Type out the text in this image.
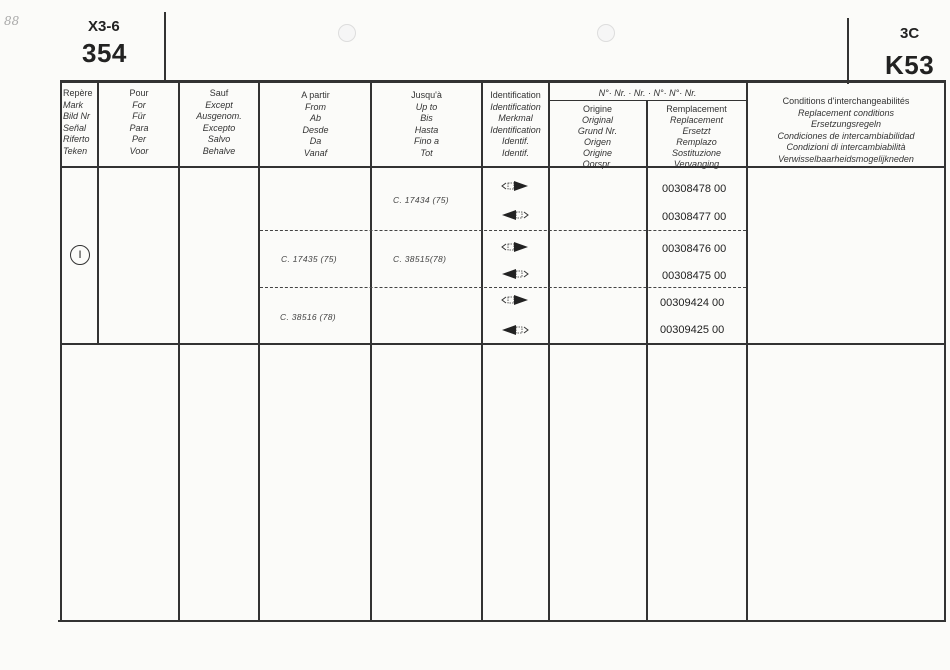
88	X3-6
354
3C
K53
Repère
Mark
Bild Nr
Señal
Riferto
Teken
Pour
For
Für
Para
Per
Voor
Sauf
Except
Ausgenom.
Excepto
Salvo
Behalve
A partir
From
Ab
Desde
Da
Vanaf
Jusqu'à
Up to
Bis
Hasta
Fino a
Tot
Identification
Identification
Merkmal
Identification
Identif.
Identif.
N°· Nr. · Nr. · N°· N°· Nr.
Origine
Original
Grund Nr.
Origen
Origine
Oorspr.
Remplacement
Replacement
Ersetzt
Remplazo
Sostituzione
Vervanging
Conditions d'interchangeabilités
Replacement conditions
Ersetzungsregeln
Condiciones de intercambiabilidad
Condizioni di intercambiabilità
Verwisselbaarheidsmogelijkneden
I
C. 17434 (75)
00308478 00
00308477 00
C. 17435 (75)	C. 38515(78)
00308476 00
00308475 00
C. 38516 (78)
00309424 00
00309425 00
